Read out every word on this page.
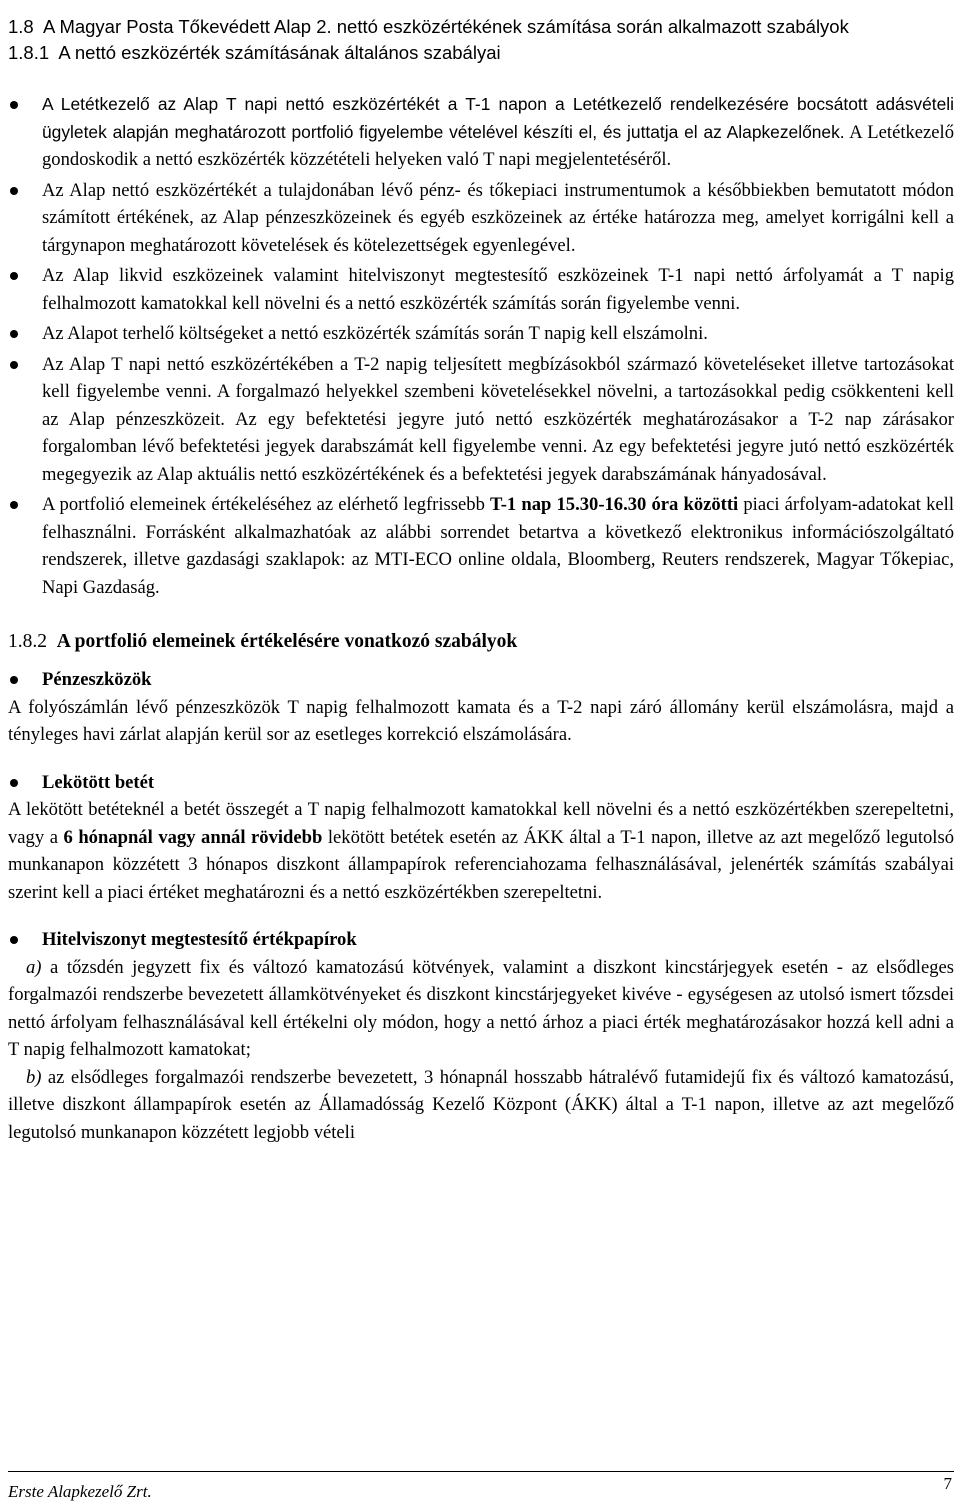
1.8 A Magyar Posta Tőkevédett Alap 2. nettó eszközértékének számítása során alkalmazott szabályok

1.8.1 A nettó eszközérték számításának általános szabályai

A Letétkezelő az Alap T napi nettó eszközértékét a T-1 napon a Letétkezelő rendelkezésére bocsátott adásvételi ügyletek alapján meghatározott portfolió figyelembe vételével készíti el, és juttatja el az Alapkezelőnek. A Letétkezelő gondoskodik a nettó eszközérték közzétételi helyeken való T napi megjelentetéséről.
Az Alap nettó eszközértékét a tulajdonában lévő pénz- és tőkepiaci instrumentumok a későbbiekben bemutatott módon számított értékének, az Alap pénzeszközeinek és egyéb eszközeinek az értéke határozza meg, amelyet korrigálni kell a tárgynapon meghatározott követelések és kötelezettségek egyenlegével.
Az Alap likvid eszközeinek valamint hitelviszonyt megtestesítő eszközeinek T-1 napi nettó árfolyamát a T napig felhalmozott kamatokkal kell növelni és a nettó eszközérték számítás során figyelembe venni.
Az Alapot terhelő költségeket a nettó eszközérték számítás során T napig kell elszámolni.
Az Alap T napi nettó eszközértékében a T-2 napig teljesített megbízásokból származó követeléseket illetve tartozásokat kell figyelembe venni. A forgalmazó helyekkel szembeni követelésekkel növelni, a tartozásokkal pedig csökkenteni kell az Alap pénzeszközeit. Az egy befektetési jegyre jutó nettó eszközérték meghatározásakor a T-2 nap zárásakor forgalomban lévő befektetési jegyek darabszámát kell figyelembe venni. Az egy befektetési jegyre jutó nettó eszközérték megegyezik az Alap aktuális nettó eszközértékének és a befektetési jegyek darabszámának hányadosával.
A portfolió elemeinek értékeléséhez az elérhető legfrissebb T-1 nap 15.30-16.30 óra közötti piaci árfolyam-adatokat kell felhasználni. Forrásként alkalmazhatóak az alábbi sorrendet betartva a következő elektronikus információszolgáltató rendszerek, illetve gazdasági szaklapok: az MTI-ECO online oldala, Bloomberg, Reuters rendszerek, Magyar Tőkepiac, Napi Gazdaság.

1.8.2 A portfolió elemeinek értékelésére vonatkozó szabályok

Pénzeszközök

A folyószámlán lévő pénzeszközök T napig felhalmozott kamata és a T-2 napi záró állomány kerül elszámolásra, majd a tényleges havi zárlat alapján kerül sor az esetleges korrekció elszámolására.

Lekötött betét

A lekötött betéteknél a betét összegét a T napig felhalmozott kamatokkal kell növelni és a nettó eszközértékben szerepeltetni, vagy a 6 hónapnál vagy annál rövidebb lekötött betétek esetén az ÁKK által a T-1 napon, illetve az azt megelőző legutolsó munkanapon közzétett 3 hónapos diszkont állampapírok referenciahozama felhasználásával, jelenérték számítás szabályai szerint kell a piaci értéket meghatározni és a nettó eszközértékben szerepeltetni.

Hitelviszonyt megtestesítő értékpapírok

a) a tőzsdén jegyzett fix és változó kamatozású kötvények, valamint a diszkont kincstárjegyek esetén - az elsődleges forgalmazói rendszerbe bevezetett államkötvényeket és diszkont kincstárjegyeket kivéve - egységesen az utolsó ismert tőzsdei nettó árfolyam felhasználásával kell értékelni oly módon, hogy a nettó árhoz a piaci érték meghatározásakor hozzá kell adni a T napig felhalmozott kamatokat;

b) az elsődleges forgalmazói rendszerbe bevezetett, 3 hónapnál hosszabb hátralévő futamidejű fix és változó kamatozású, illetve diszkont állampapírok esetén az Államadósság Kezelő Központ (ÁKK) által a T-1 napon, illetve az azt megelőző legutolsó munkanapon közzétett legjobb vételi

Erste Alapkezelő Zrt.	7
